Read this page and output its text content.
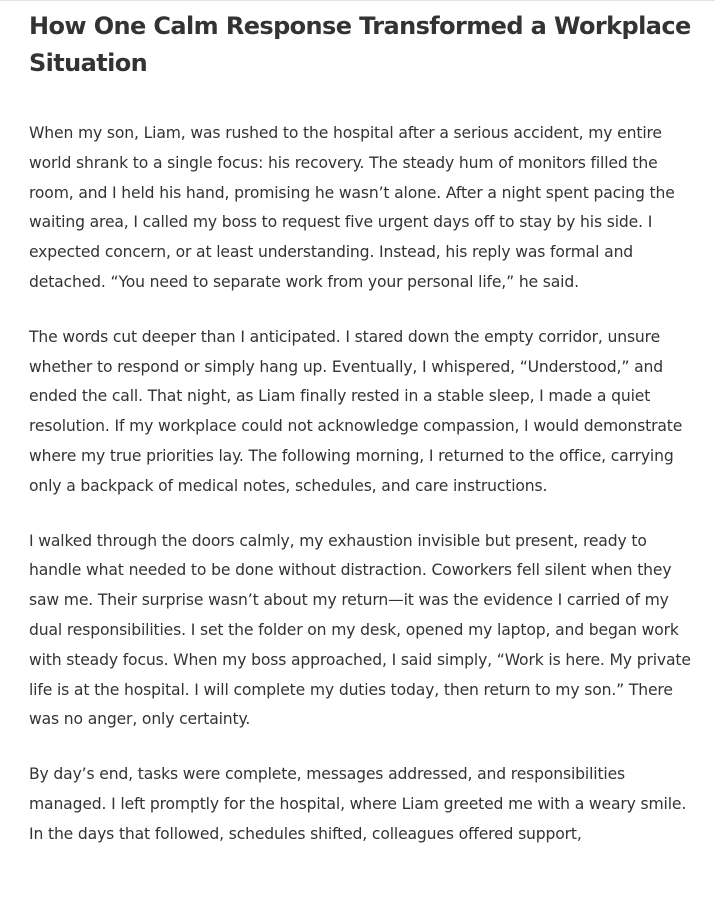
How One Calm Response Transformed a Workplace Situation

When my son, Liam, was rushed to the hospital after a serious accident, my entire world shrank to a single focus: his recovery. The steady hum of monitors filled the room, and I held his hand, promising he wasn’t alone. After a night spent pacing the waiting area, I called my boss to request five urgent days off to stay by his side. I expected concern, or at least understanding. Instead, his reply was formal and detached. “You need to separate work from your personal life,” he said.

The words cut deeper than I anticipated. I stared down the empty corridor, unsure whether to respond or simply hang up. Eventually, I whispered, “Understood,” and ended the call. That night, as Liam finally rested in a stable sleep, I made a quiet resolution. If my workplace could not acknowledge compassion, I would demonstrate where my true priorities lay. The following morning, I returned to the office, carrying only a backpack of medical notes, schedules, and care instructions.

I walked through the doors calmly, my exhaustion invisible but present, ready to handle what needed to be done without distraction. Coworkers fell silent when they saw me. Their surprise wasn’t about my return—it was the evidence I carried of my dual responsibilities. I set the folder on my desk, opened my laptop, and began work with steady focus. When my boss approached, I said simply, “Work is here. My private life is at the hospital. I will complete my duties today, then return to my son.” There was no anger, only certainty.

By day’s end, tasks were complete, messages addressed, and responsibilities managed. I left promptly for the hospital, where Liam greeted me with a weary smile. In the days that followed, schedules shifted, colleagues offered support,
